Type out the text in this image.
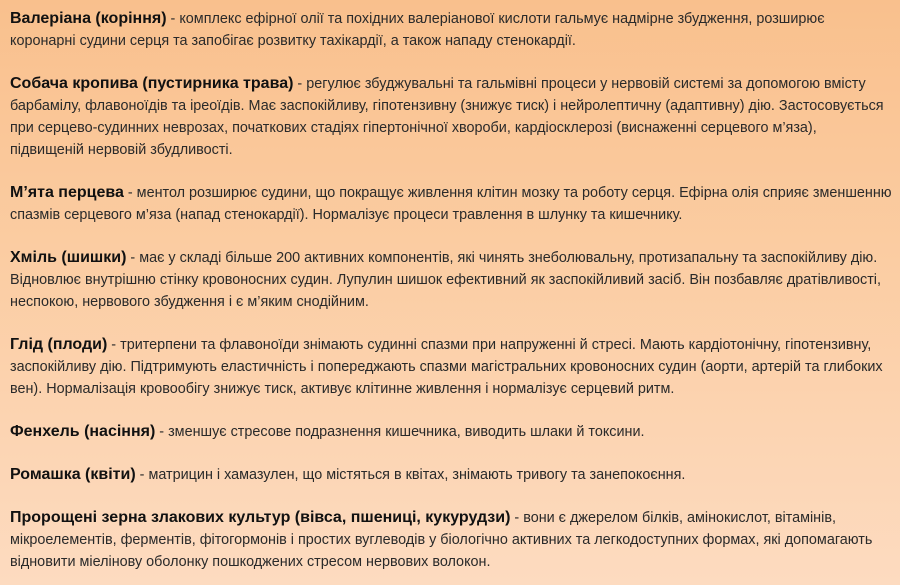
Валеріана (коріння) - комплекс ефірної олії та похідних валеріанової кислоти гальмує надмірне збудження, розширює коронарні судини серця та запобігає розвитку тахікардії, а також нападу стенокардії.

Собача кропива (пустирника трава) - регулює збуджувальні та гальмівні процеси у нервовій системі за допомогою вмісту барбамілу, флавоноїдів та іреоїдів. Має заспокійливу, гіпотензивну (знижує тиск) і нейролептичну (адаптивну) дію. Застосовується при серцево-судинних неврозах, початкових стадіях гіпертонічної хвороби, кардіосклерозі (виснаженні серцевого м’яза), підвищеній нервовій збудливості.

М’ята перцева - ментол розширює судини, що покращує живлення клітин мозку та роботу серця. Ефірна олія сприяє зменшенню спазмів серцевого м’яза (напад стенокардії). Нормалізує процеси травлення в шлунку та кишечнику.

Хміль (шишки) - має у складі більше 200 активних компонентів, які чинять знеболювальну, протизапальну та заспокійливу дію. Відновлює внутрішню стінку кровоносних судин. Лупулин шишок ефективний як заспокійливий засіб. Він позбавляє дратівливості, неспокою, нервового збудження і є м’яким снодійним.

Глід (плоди) - тритерпени та флавоноїди знімають судинні спазми при напруженні й стресі. Мають кардіотонічну, гіпотензивну, заспокійливу дію. Підтримують еластичність і попереджають спазми магістральних кровоносних судин (аорти, артерій та глибоких вен). Нормалізація кровообігу знижує тиск, активує клітинне живлення і нормалізує серцевий ритм.

Фенхель (насіння) - зменшує стресове подразнення кишечника, виводить шлаки й токсини.

Ромашка (квіти) - матрицин і хамазулен, що містяться в квітах, знімають тривогу та занепокоєння.

Пророщені зерна злакових культур (вівса, пшениці, кукурудзи) - вони є джерелом білків, амінокислот, вітамінів, мікроелементів, ферментів, фітогормонів і простих вуглеводів у біологічно активних та легкодоступних формах, які допомагають відновити міелінову оболонку пошкоджених стресом нервових волокон.
